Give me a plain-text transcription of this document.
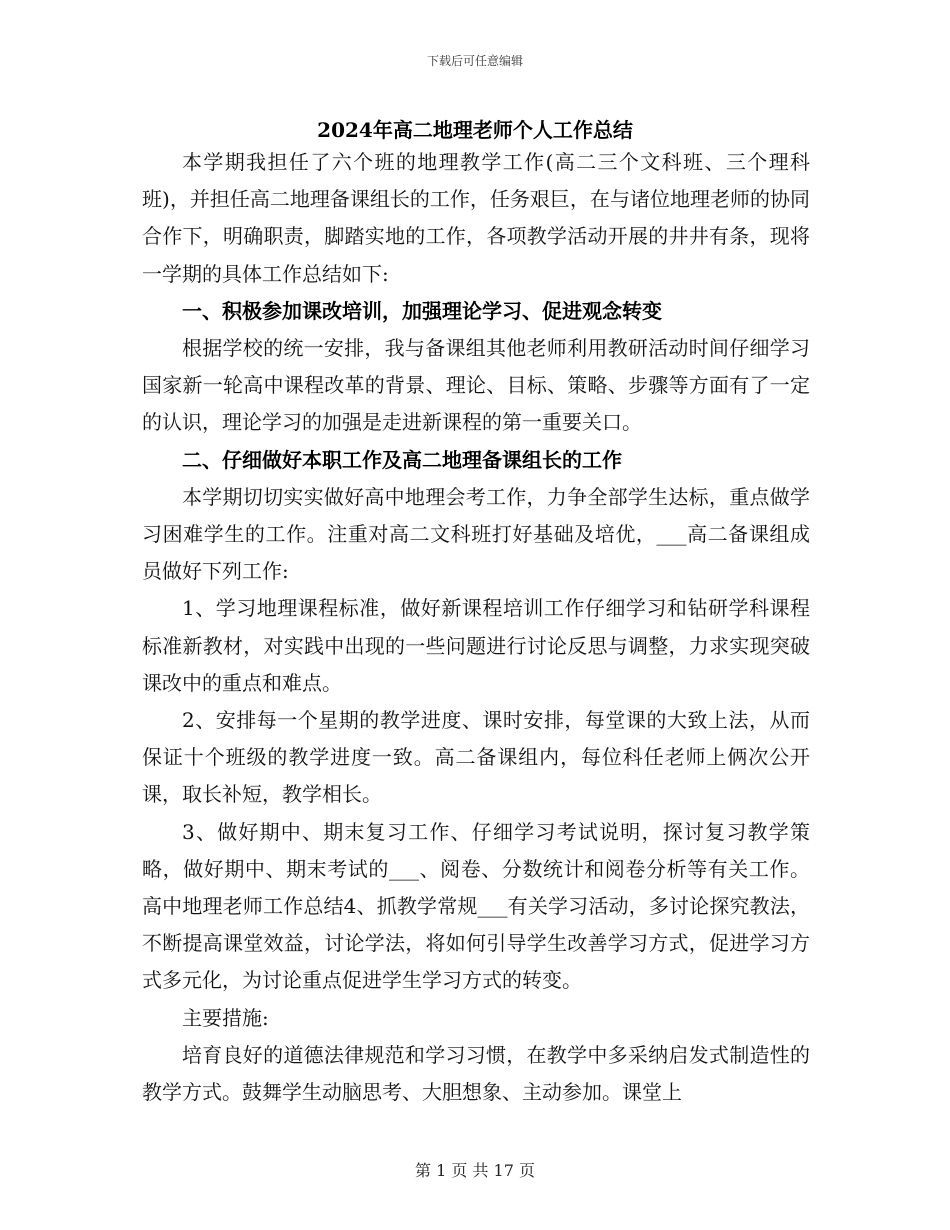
下载后可任意编辑
2024年高二地理老师个人工作总结

本学期我担任了六个班的地理教学工作(高二三个文科班、三个理科班)，并担任高二地理备课组长的工作，任务艰巨，在与诸位地理老师的协同合作下，明确职责，脚踏实地的工作，各项教学活动开展的井井有条，现将一学期的具体工作总结如下:

一、积极参加课改培训，加强理论学习、促进观念转变

根据学校的统一安排，我与备课组其他老师利用教研活动时间仔细学习国家新一轮高中课程改革的背景、理论、目标、策略、步骤等方面有了一定的认识，理论学习的加强是走进新课程的第一重要关口。

二、仔细做好本职工作及高二地理备课组长的工作

本学期切切实实做好高中地理会考工作，力争全部学生达标，重点做学习困难学生的工作。注重对高二文科班打好基础及培优，___高二备课组成员做好下列工作:

1、学习地理课程标准，做好新课程培训工作仔细学习和钻研学科课程标准新教材，对实践中出现的一些问题进行讨论反思与调整，力求实现突破课改中的重点和难点。

2、安排每一个星期的教学进度、课时安排，每堂课的大致上法，从而保证十个班级的教学进度一致。高二备课组内，每位科任老师上俩次公开课，取长补短，教学相长。

3、做好期中、期末复习工作、仔细学习考试说明，探讨复习教学策略，做好期中、期末考试的___、阅卷、分数统计和阅卷分析等有关工作。高中地理老师工作总结4、抓教学常规___有关学习活动，多讨论探究教法，不断提高课堂效益，讨论学法，将如何引导学生改善学习方式，促进学习方式多元化，为讨论重点促进学生学习方式的转变。

主要措施:

培育良好的道德法律规范和学习习惯，在教学中多采纳启发式制造性的教学方式。鼓舞学生动脑思考、大胆想象、主动参加。课堂上

第 1 页 共 17 页
